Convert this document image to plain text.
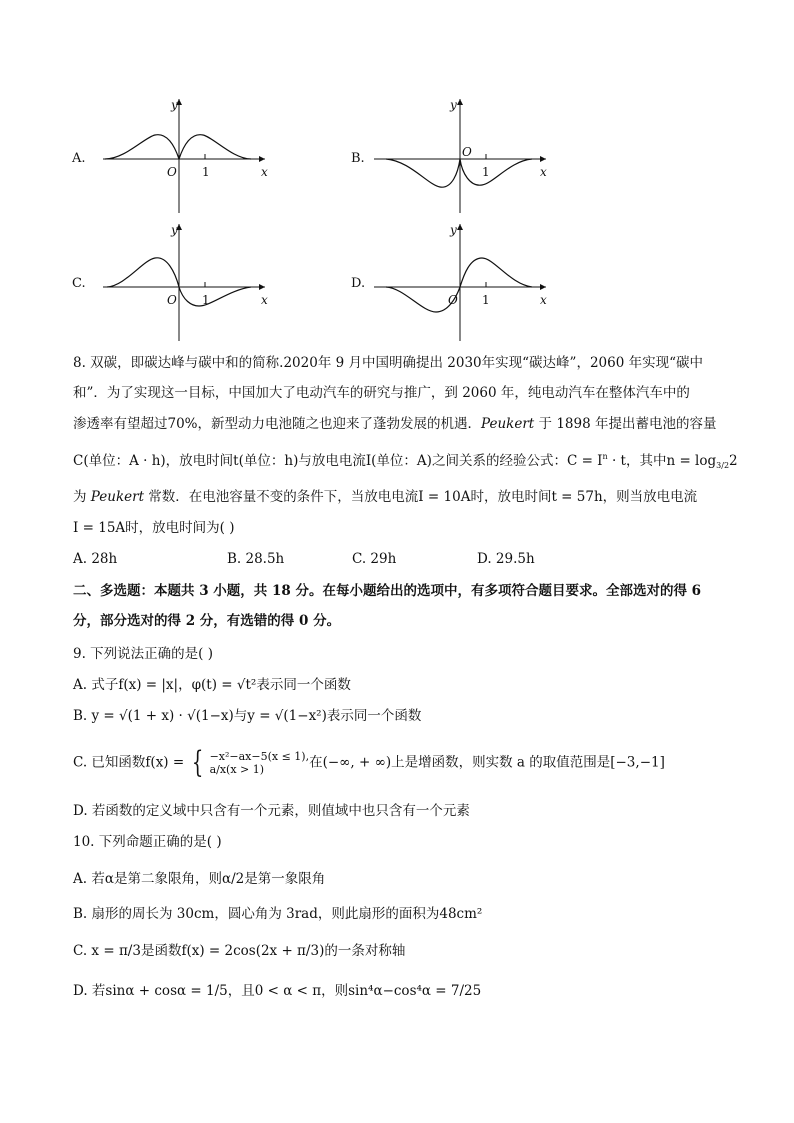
A.
y
x
O 1
B.
y
x
O
1
C.
y
x
O 1
D.
y
x
O 1
8. 双碳，即碳达峰与碳中和的简称.2020年 9 月中国明确提出 2030年实现“碳达峰”，2060 年实现“碳中
和”．为了实现这一目标，中国加大了电动汽车的研究与推广，到 2060 年，纯电动汽车在整体汽车中的
渗透率有望超过70%，新型动力电池随之也迎来了蓬勃发展的机遇．Peukert 于 1898 年提出蓄电池的容量
C(单位：A · h)，放电时间t(单位：h)与放电电流I(单位：A)之间关系的经验公式：$C = I^n \cdot t$，其中$n = \log_{3/2}2$
为 Peukert 常数．在电池容量不变的条件下，当放电电流I = 10A时，放电时间t = 57h，则当放电电流
I = 15A时，放电时间为( )
A. 28h	B. 28.5h	C. 29h	D. 29.5h
二、多选题：本题共 3 小题，共 18 分。在每小题给出的选项中，有多项符合题目要求。全部选对的得 6
分，部分选对的得 2 分，有选错的得 0 分。
9. 下列说法正确的是( )
A. 式子f(x) = |x|，φ(t) = √t²表示同一个函数
B. y = √(1 + x) · √(1−x)与y = √(1−x²)表示同一个函数
C. 已知函数f(x) = { −x²−ax−5(x ≤ 1),
a/x(x > 1)	在(−∞, + ∞)上是增函数，则实数 a 的取值范围是[−3,−1]
D. 若函数的定义域中只含有一个元素，则值域中也只含有一个元素
10. 下列命题正确的是( )
A. 若α是第二象限角，则α/2是第一象限角
B. 扇形的周长为 30cm，圆心角为 3rad，则此扇形的面积为48cm²
C. x = π/3是函数f(x) = 2cos(2x + π/3)的一条对称轴
D. 若sinα + cosα = 1/5，且0 < α < π，则sin⁴α−cos⁴α = 7/25
